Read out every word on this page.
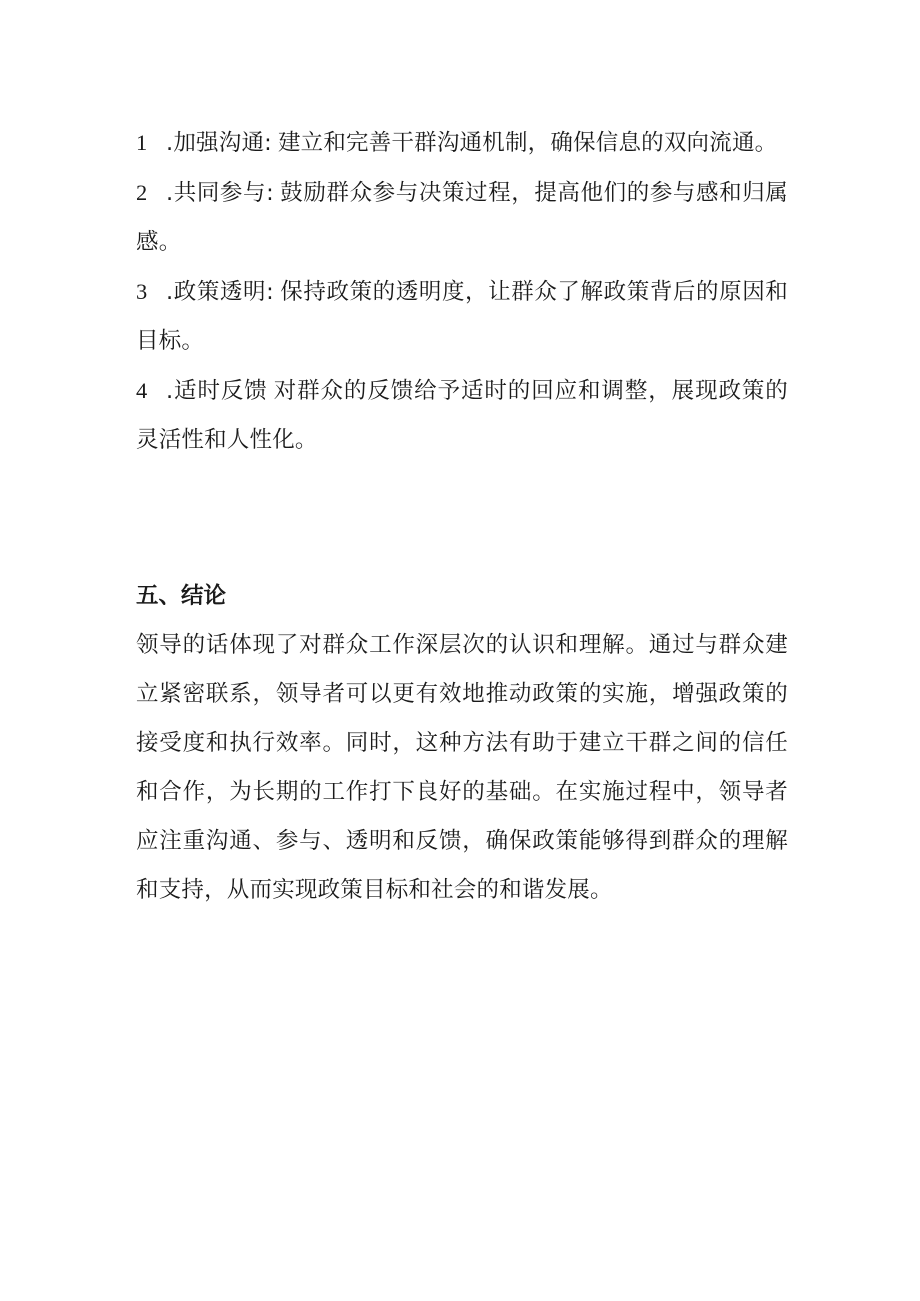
1 .加强沟通: 建立和完善干群沟通机制，确保信息的双向流通。

2 .共同参与: 鼓励群众参与决策过程，提高他们的参与感和归属感。

3 .政策透明: 保持政策的透明度，让群众了解政策背后的原因和目标。

4 .适时反馈 对群众的反馈给予适时的回应和调整，展现政策的灵活性和人性化。

五、结论

领导的话体现了对群众工作深层次的认识和理解。通过与群众建立紧密联系，领导者可以更有效地推动政策的实施，增强政策的接受度和执行效率。同时，这种方法有助于建立干群之间的信任和合作，为长期的工作打下良好的基础。在实施过程中，领导者应注重沟通、参与、透明和反馈，确保政策能够得到群众的理解和支持，从而实现政策目标和社会的和谐发展。
